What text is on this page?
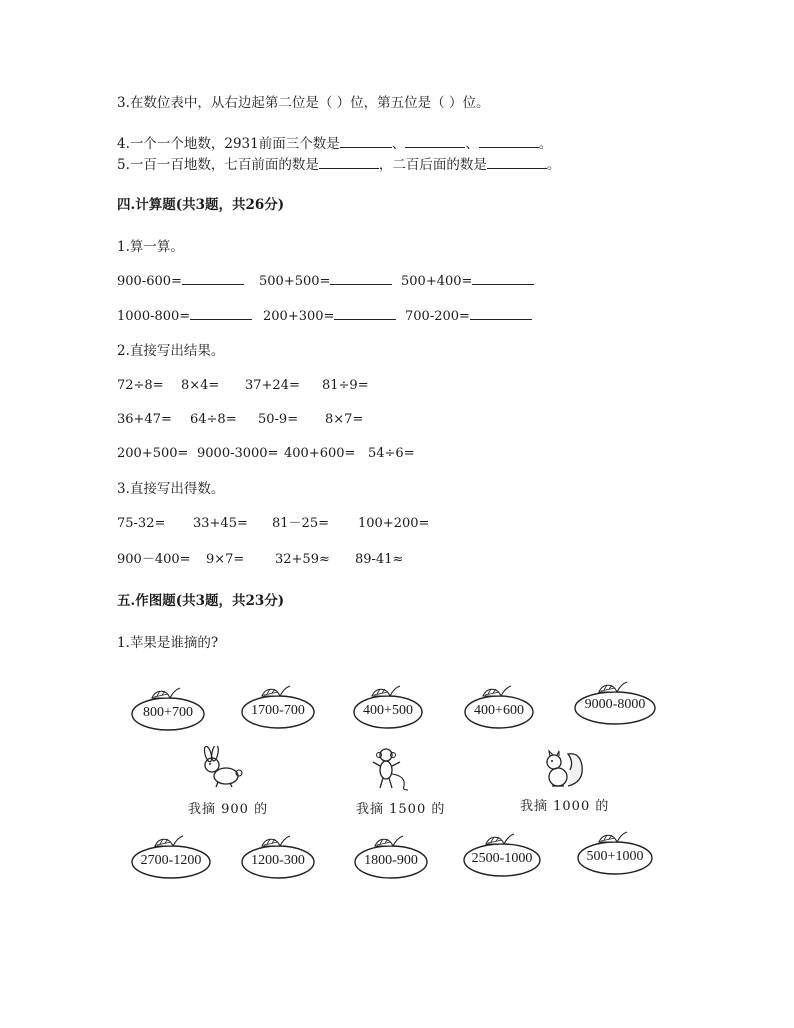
3.在数位表中，从右边起第二位是（ ）位，第五位是（ ）位。
4.一个一个地数，2931前面三个数是	、	、	。
5.一百一百地数，七百前面的数是	，二百后面的数是	。
四.计算题(共3题，共26分)
1.算一算。
900-600=	500+500=	500+400=
1000-800=	200+300=	700-200=
2.直接写出结果。
72÷8= 8×4= 37+24= 81÷9=
36+47= 64÷8= 50-9= 8×7=
200+500= 9000-3000= 400+600= 54÷6=
3.直接写出得数。
75-32= 33+45= 81－25= 100+200=
900－400= 9×7= 32+59≈ 89-41≈
五.作图题(共3题，共23分)
1.苹果是谁摘的?
800+700	1700-700	400+500	400+600	9000-8000
我摘 900 的	我摘 1500 的	我摘 1000 的
2700-1200	1200-300	1800-900	2500-1000	500+1000
